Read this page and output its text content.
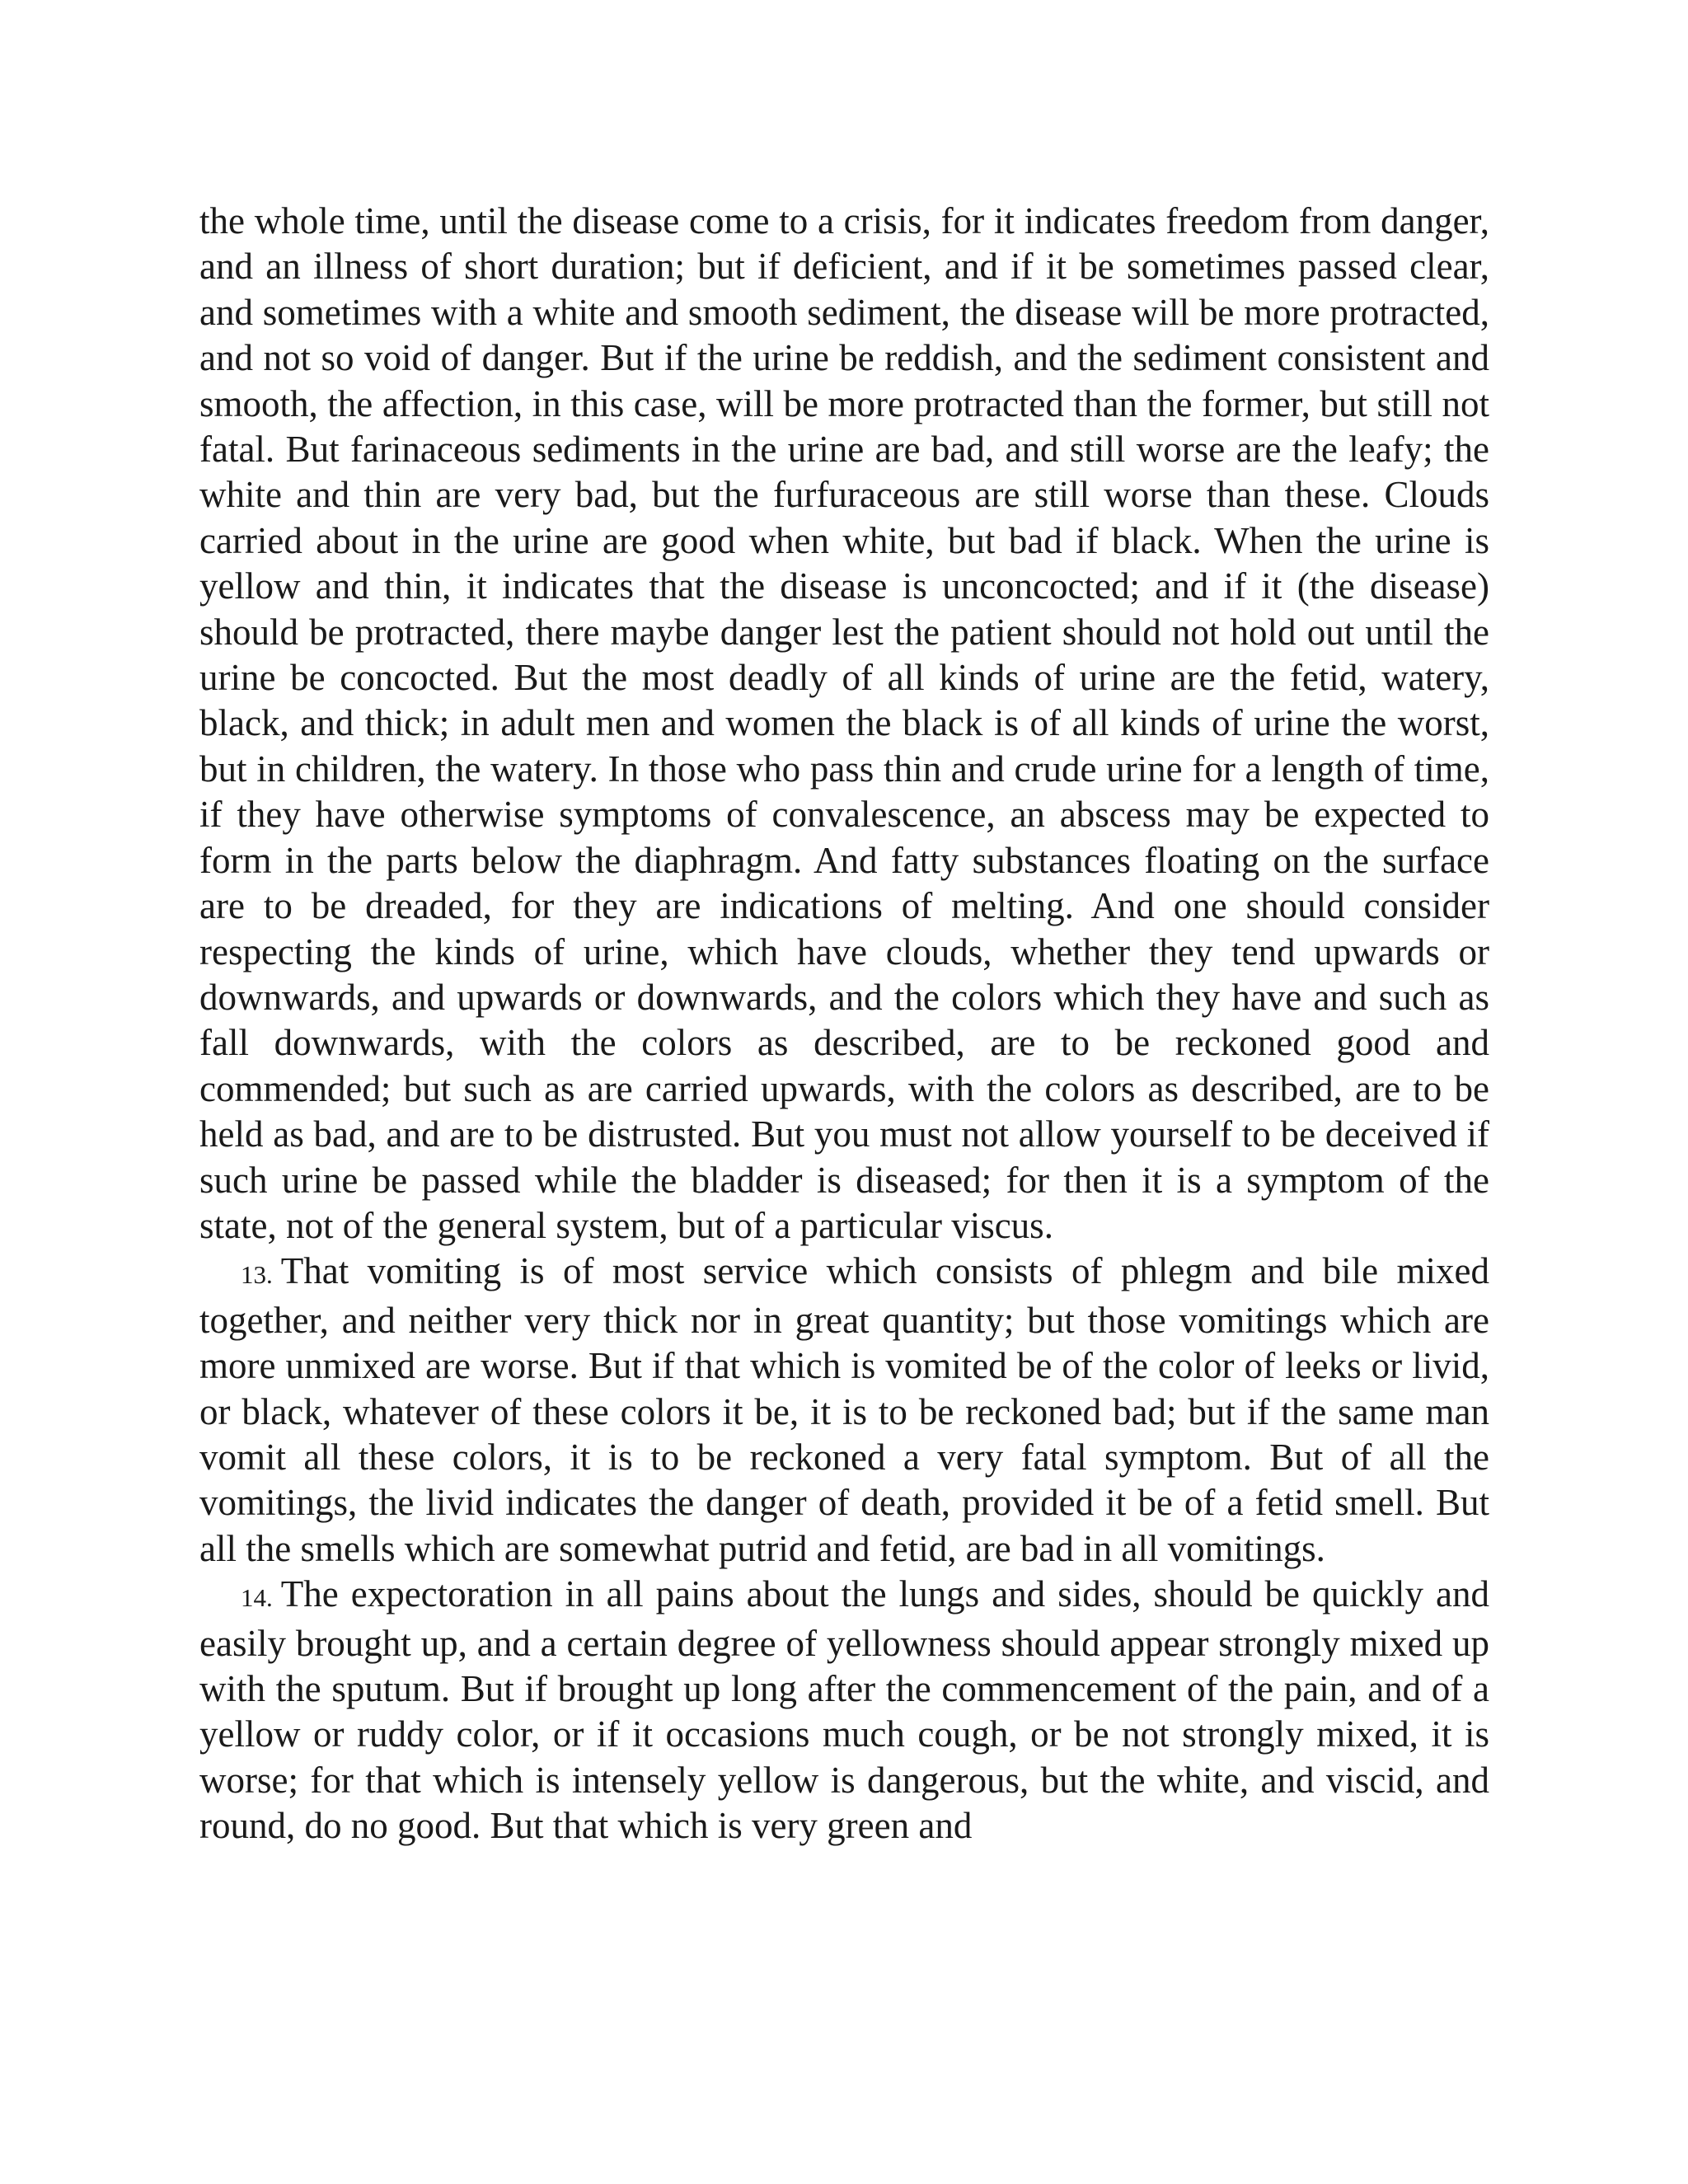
the whole time, until the disease come to a crisis, for it indicates freedom from danger, and an illness of short duration; but if deficient, and if it be sometimes passed clear, and sometimes with a white and smooth sediment, the disease will be more protracted, and not so void of danger. But if the urine be reddish, and the sediment consistent and smooth, the affection, in this case, will be more protracted than the former, but still not fatal. But farinaceous sediments in the urine are bad, and still worse are the leafy; the white and thin are very bad, but the furfuraceous are still worse than these. Clouds carried about in the urine are good when white, but bad if black. When the urine is yellow and thin, it indicates that the disease is unconcocted; and if it (the disease) should be protracted, there maybe danger lest the patient should not hold out until the urine be concocted. But the most deadly of all kinds of urine are the fetid, watery, black, and thick; in adult men and women the black is of all kinds of urine the worst, but in children, the watery. In those who pass thin and crude urine for a length of time, if they have otherwise symptoms of convalescence, an abscess may be expected to form in the parts below the diaphragm. And fatty substances floating on the surface are to be dreaded, for they are indications of melting. And one should consider respecting the kinds of urine, which have clouds, whether they tend upwards or downwards, and upwards or downwards, and the colors which they have and such as fall downwards, with the colors as described, are to be reckoned good and commended; but such as are carried upwards, with the colors as described, are to be held as bad, and are to be distrusted. But you must not allow yourself to be deceived if such urine be passed while the bladder is diseased; for then it is a symptom of the state, not of the general system, but of a particular viscus.

13. That vomiting is of most service which consists of phlegm and bile mixed together, and neither very thick nor in great quantity; but those vomitings which are more unmixed are worse. But if that which is vomited be of the color of leeks or livid, or black, whatever of these colors it be, it is to be reckoned bad; but if the same man vomit all these colors, it is to be reckoned a very fatal symptom. But of all the vomitings, the livid indicates the danger of death, provided it be of a fetid smell. But all the smells which are somewhat putrid and fetid, are bad in all vomitings.

14. The expectoration in all pains about the lungs and sides, should be quickly and easily brought up, and a certain degree of yellowness should appear strongly mixed up with the sputum. But if brought up long after the commencement of the pain, and of a yellow or ruddy color, or if it occasions much cough, or be not strongly mixed, it is worse; for that which is intensely yellow is dangerous, but the white, and viscid, and round, do no good. But that which is very green and
